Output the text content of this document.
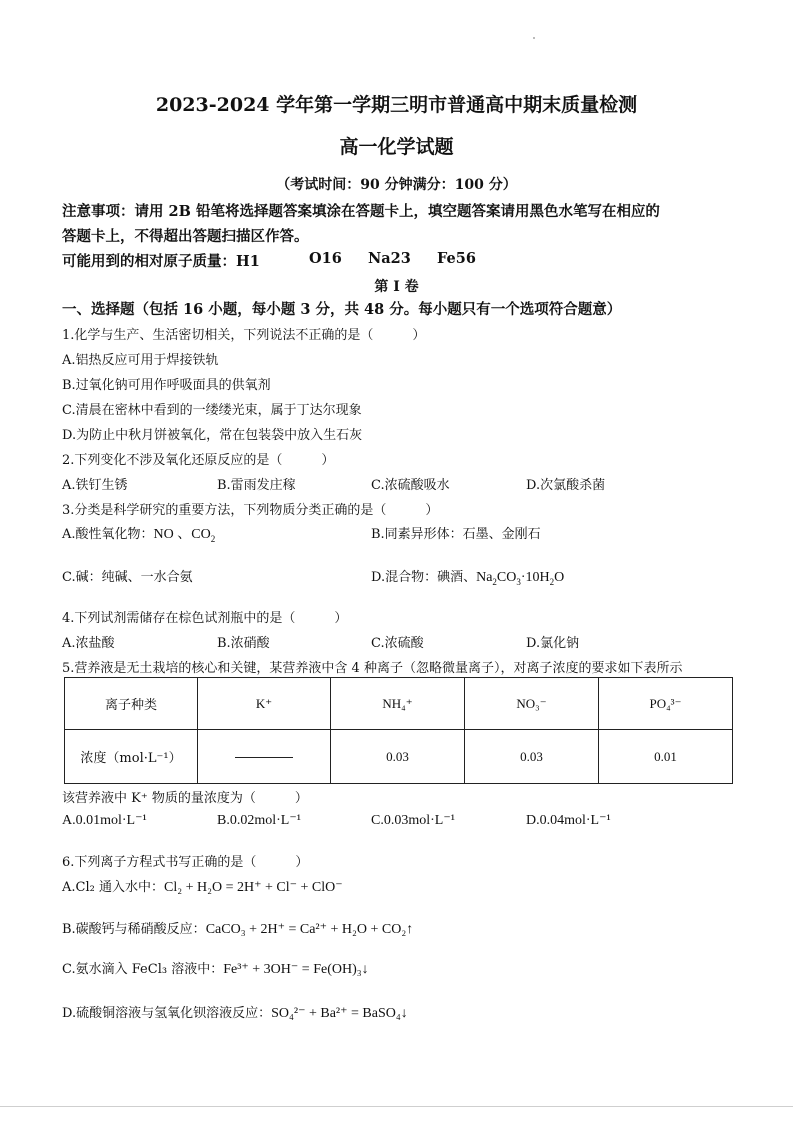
2023-2024 学年第一学期三明市普通高中期末质量检测
高一化学试题
（考试时间：90 分钟满分：100 分）
注意事项：请用 2B 铅笔将选择题答案填涂在答题卡上，填空题答案请用黑色水笔写在相应的
答题卡上，不得超出答题扫描区作答。
可能用到的相对原子质量：H1	O16 Na23 Fe56
第 I 卷
一、选择题（包括 16 小题，每小题 3 分，共 48 分。每小题只有一个选项符合题意）
1.化学与生产、生活密切相关，下列说法不正确的是（　　　）
A.铝热反应可用于焊接铁轨
B.过氧化钠可用作呼吸面具的供氧剂
C.清晨在密林中看到的一缕缕光束，属于丁达尔现象
D.为防止中秋月饼被氧化，常在包装袋中放入生石灰
2.下列变化不涉及氧化还原反应的是（　　　）
A.铁钉生锈	B.雷雨发庄稼	C.浓硫酸吸水	D.次氯酸杀菌
3.分类是科学研究的重要方法，下列物质分类正确的是（　　　）
A.酸性氧化物：NO 、$CO_2$	B.同素异形体：石墨、金刚石
C.碱：纯碱、一水合氨	D.混合物：碘酒、$Na_2CO_3\cdot 10H_2O$
4.下列试剂需储存在棕色试剂瓶中的是（　　　）
A.浓盐酸	B.浓硝酸	C.浓硫酸	D.氯化钠
5.营养液是无土栽培的核心和关键，某营养液中含 4 种离子（忽略微量离子），对离子浓度的要求如下表所示
离子种类	K⁺	NH₄⁺	NO₃⁻	PO₄³⁻
浓度（mol·L⁻¹）		0.03	0.03	0.01
该营养液中 K⁺ 物质的量浓度为（　　　）
A.0.01mol·L⁻¹	B.0.02mol·L⁻¹	C.0.03mol·L⁻¹	D.0.04mol·L⁻¹
6.下列离子方程式书写正确的是（　　　）
A.Cl₂ 通入水中：Cl₂ + H₂O = 2H⁺ + Cl⁻ + ClO⁻
B.碳酸钙与稀硝酸反应：CaCO₃ + 2H⁺ = Ca²⁺ + H₂O + CO₂↑
C.氨水滴入 FeCl₃ 溶液中：Fe³⁺ + 3OH⁻ = Fe(OH)₃↓
D.硫酸铜溶液与氢氧化钡溶液反应：SO₄²⁻ + Ba²⁺ = BaSO₄↓
